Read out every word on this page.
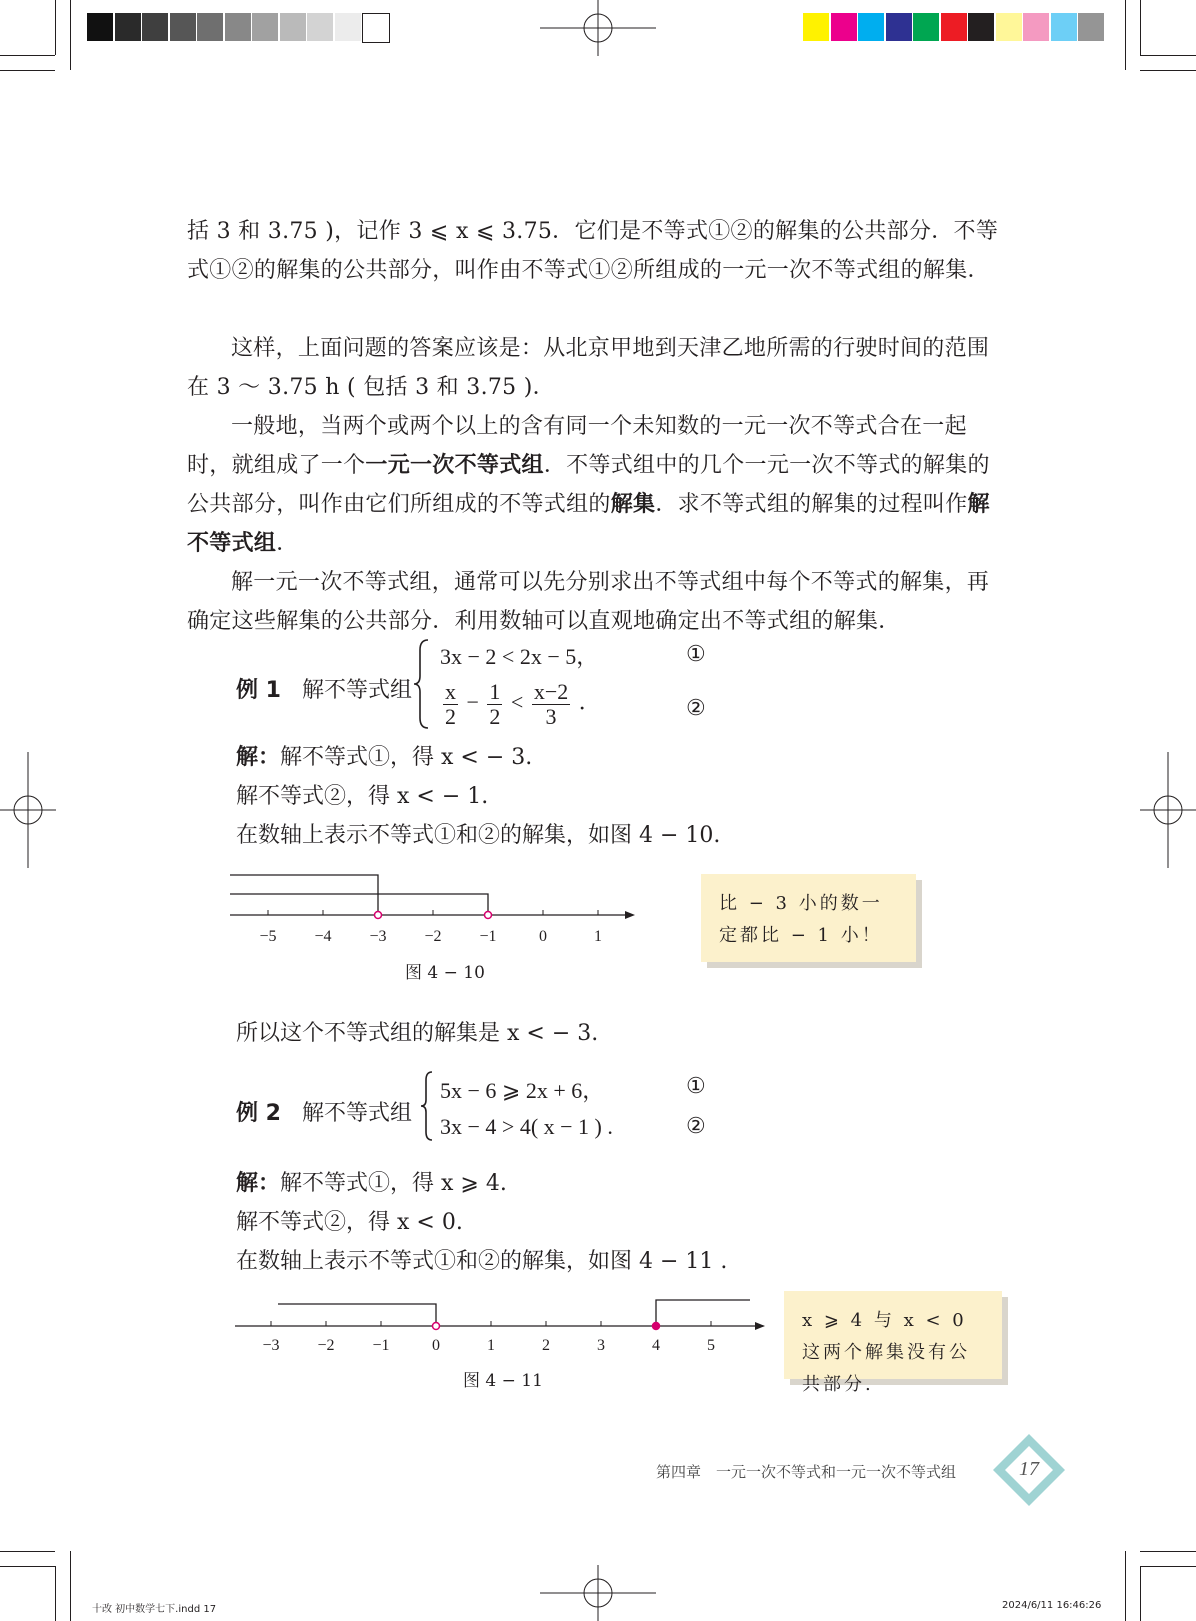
括 3 和 3.75 )，记作 3 ⩽ x ⩽ 3.75．它们是不等式①②的解集的公共部分．不等式①②的解集的公共部分，叫作由不等式①②所组成的一元一次不等式组的解集．
这样，上面问题的答案应该是：从北京甲地到天津乙地所需的行驶时间的范围在 3 ～ 3.75 h ( 包括 3 和 3.75 )．
一般地，当两个或两个以上的含有同一个未知数的一元一次不等式合在一起时，就组成了一个一元一次不等式组．不等式组中的几个一元一次不等式的解集的公共部分，叫作由它们所组成的不等式组的解集．求不等式组的解集的过程叫作解不等式组．
解一元一次不等式组，通常可以先分别求出不等式组中每个不等式的解集，再确定这些解集的公共部分．利用数轴可以直观地确定出不等式组的解集．
例 1 解不等式组
3x − 2 < 2x − 5，
$\frac{x}{2} - \frac{1}{2} < \frac{x-2}{3}$ ．
①
②
解：解不等式①，得 x < − 3.
解不等式②，得 x < − 1.
在数轴上表示不等式①和②的解集，如图 4 − 10.
−5 −4 −3 −2 −1	0	1
图 4 − 10
比 − 3 小的数一定都比 − 1 小！
所以这个不等式组的解集是 x < − 3.
例 2 解不等式组
5x − 6 ⩾ 2x + 6，
3x − 4 > 4( x − 1 ) .
①
②
解：解不等式①，得 x ⩾ 4.
解不等式②，得 x < 0.
在数轴上表示不等式①和②的解集，如图 4 − 11 .
−3 −2 −1	0	1	2	3	4	5
图 4 − 11
x ⩾ 4 与 x < 0 这两个解集没有公共部分.
第四章　一元一次不等式和一元一次不等式组	17
十改 初中数学七下.indd 17	2024/6/11 16:46:26
